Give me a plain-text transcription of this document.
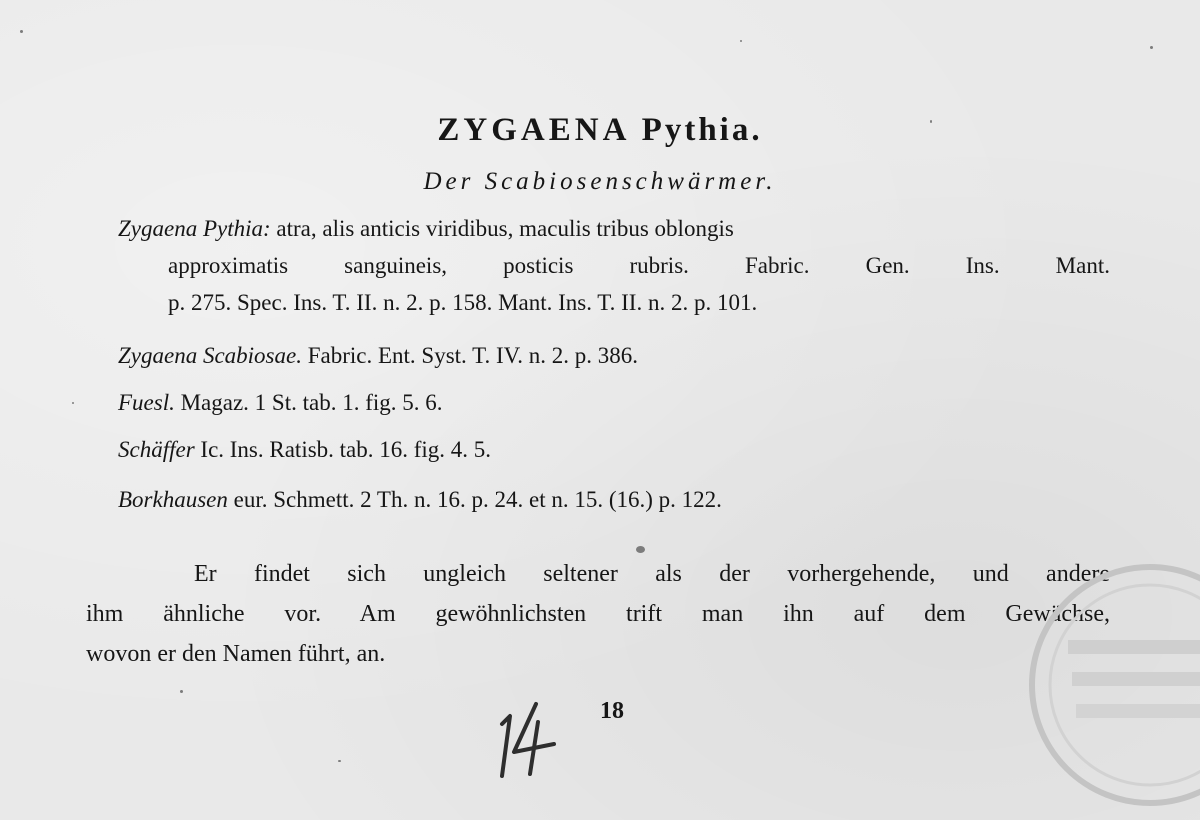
ZYGAENA Pythia.
Der Scabiosenschwärmer.
Zygaena Pythia: atra, alis anticis viridibus, maculis tribus oblongis
approximatis sanguineis, posticis rubris. Fabric. Gen. Ins. Mant.
p. 275. Spec. Ins. T. II. n. 2. p. 158. Mant. Ins. T. II. n. 2. p. 101.
Zygaena Scabiosae. Fabric. Ent. Syst. T. IV. n. 2. p. 386.
Fuesl. Magaz. 1 St. tab. 1. fig. 5. 6.
Schäffer Ic. Ins. Ratisb. tab. 16. fig. 4. 5.
Borkhausen eur. Schmett. 2 Th. n. 16. p. 24. et n. 15. (16.) p. 122.
Er findet sich ungleich seltener als der vorhergehende, und andere
ihm ähnliche vor. Am gewöhnlichsten trift man ihn auf dem Gewächse,
wovon er den Namen führt, an.
18
